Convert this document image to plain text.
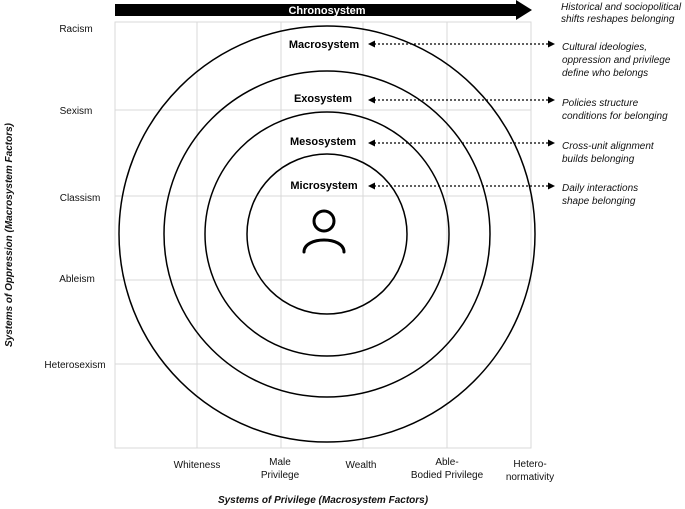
Chronosystem	Historical and sociopolitical
shifts reshapes belonging
Macrosystem
Exosystem
Mesosystem
Microsystem
Cultural ideologies,
oppression and privilege
define who belongs
Policies structure
conditions for belonging
Cross-unit alignment
builds belonging
Daily interactions
shape belonging
Racism
Sexism
Classism
Ableism
Heterosexism
Systems of Oppression (Macrosystem Factors)
Whiteness	Male
Privilege
Wealth	Able-
Bodied Privilege
Hetero-
normativity
Systems of Privilege (Macrosystem Factors)
